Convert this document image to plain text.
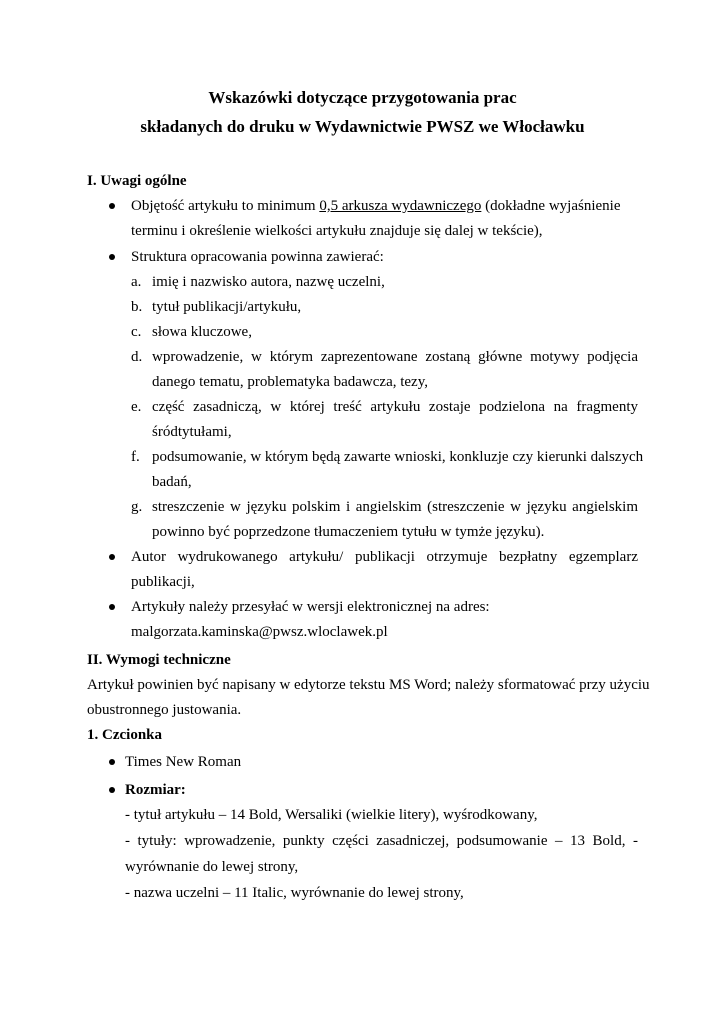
Wskazówki dotyczące przygotowania prac
składanych do druku w Wydawnictwie PWSZ we Włocławku
I. Uwagi ogólne
Objętość artykułu to minimum 0,5 arkusza wydawniczego (dokładne wyjaśnienie
terminu i określenie wielkości artykułu znajduje się dalej w tekście),
Struktura opracowania powinna zawierać:
a. imię i nazwisko autora, nazwę uczelni,
b. tytuł publikacji/artykułu,
c. słowa kluczowe,
d. wprowadzenie, w którym zaprezentowane zostaną główne motywy podjęcia
danego tematu, problematyka badawcza, tezy,
e. część zasadniczą, w której treść artykułu zostaje podzielona na fragmenty
śródtytułami,
f. podsumowanie, w którym będą zawarte wnioski, konkluzje czy kierunki dalszych
badań,
g. streszczenie w języku polskim i angielskim (streszczenie w języku angielskim
powinno być poprzedzone tłumaczeniem tytułu w tymże języku).
Autor wydrukowanego artykułu/ publikacji otrzymuje bezpłatny egzemplarz
publikacji,
Artykuły należy przesyłać w wersji elektronicznej na adres:
malgorzata.kaminska@pwsz.wloclawek.pl
II. Wymogi techniczne
Artykuł powinien być napisany w edytorze tekstu MS Word; należy sformatować przy użyciu
obustronnego justowania.
1. Czcionka
Times New Roman
Rozmiar:
- tytuł artykułu – 14 Bold, Wersaliki (wielkie litery), wyśrodkowany,
- tytuły: wprowadzenie, punkty części zasadniczej, podsumowanie – 13 Bold, -
wyrównanie do lewej strony,
- nazwa uczelni – 11 Italic, wyrównanie do lewej strony,
